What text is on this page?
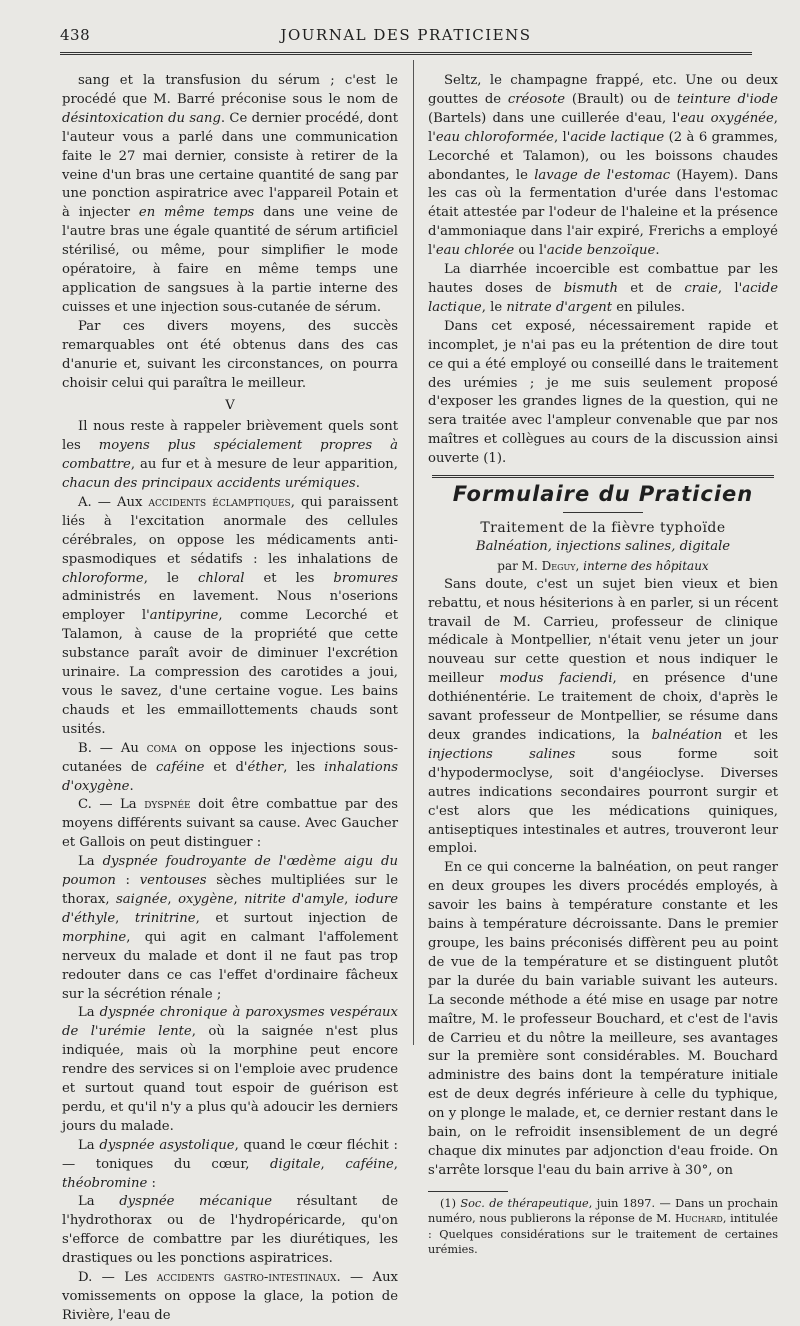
438	JOURNAL DES PRATICIENS

sang et la transfusion du sérum ; c'est le procédé que M. Barré préconise sous le nom de désintoxication du sang. Ce dernier procédé, dont l'auteur vous a parlé dans une communication faite le 27 mai dernier, consiste à retirer de la veine d'un bras une certaine quantité de sang par une ponction aspiratrice avec l'appareil Potain et à injecter en même temps dans une veine de l'autre bras une égale quantité de sérum artificiel stérilisé, ou même, pour simplifier le mode opératoire, à faire en même temps une application de sangsues à la partie interne des cuisses et une injection sous-cutanée de sérum.

Par ces divers moyens, des succès remarquables ont été obtenus dans des cas d'anurie et, suivant les circonstances, on pourra choisir celui qui paraîtra le meilleur.

V

Il nous reste à rappeler brièvement quels sont les moyens plus spécialement propres à combattre, au fur et à mesure de leur apparition, chacun des principaux accidents urémiques.

A. — Aux accidents éclamptiques, qui paraissent liés à l'excitation anormale des cellules cérébrales, on oppose les médicaments anti-spasmodiques et sédatifs : les inhalations de chloroforme, le chloral et les bromures administrés en lavement. Nous n'oserions employer l'antipyrine, comme Lecorché et Talamon, à cause de la propriété que cette substance paraît avoir de diminuer l'excrétion urinaire. La compression des carotides a joui, vous le savez, d'une certaine vogue. Les bains chauds et les emmaillottements chauds sont usités.

B. — Au coma on oppose les injections sous-cutanées de caféine et d'éther, les inhalations d'oxygène.

C. — La dyspnée doit être combattue par des moyens différents suivant sa cause. Avec Gaucher et Gallois on peut distinguer :

La dyspnée foudroyante de l'œdème aigu du poumon : ventouses sèches multipliées sur le thorax, saignée, oxygène, nitrite d'amyle, iodure d'éthyle, trinitrine, et surtout injection de morphine, qui agit en calmant l'affolement nerveux du malade et dont il ne faut pas trop redouter dans ce cas l'effet d'ordinaire fâcheux sur la sécrétion rénale ;

La dyspnée chronique à paroxysmes vespéraux de l'urémie lente, où la saignée n'est plus indiquée, mais où la morphine peut encore rendre des services si on l'emploie avec prudence et surtout quand tout espoir de guérison est perdu, et qu'il n'y a plus qu'à adoucir les derniers jours du malade.

La dyspnée asystolique, quand le cœur fléchit : — toniques du cœur, digitale, caféine, théobromine :

La dyspnée mécanique résultant de l'hydrothorax ou de l'hydropéricarde, qu'on s'efforce de combattre par les diurétiques, les drastiques ou les ponctions aspiratrices.

D. — Les accidents gastro-intestinaux. — Aux vomissements on oppose la glace, la potion de Rivière, l'eau de

Seltz, le champagne frappé, etc. Une ou deux gouttes de créosote (Brault) ou de teinture d'iode (Bartels) dans une cuillerée d'eau, l'eau oxygénée, l'eau chloroformée, l'acide lactique (2 à 6 grammes, Lecorché et Talamon), ou les boissons chaudes abondantes, le lavage de l'estomac (Hayem). Dans les cas où la fermentation d'urée dans l'estomac était attestée par l'odeur de l'haleine et la présence d'ammoniaque dans l'air expiré, Frerichs a employé l'eau chlorée ou l'acide benzoïque.

La diarrhée incoercible est combattue par les hautes doses de bismuth et de craie, l'acide lactique, le nitrate d'argent en pilules.

Dans cet exposé, nécessairement rapide et incomplet, je n'ai pas eu la prétention de dire tout ce qui a été employé ou conseillé dans le traitement des urémies ; je me suis seulement proposé d'exposer les grandes lignes de la question, qui ne sera traitée avec l'ampleur convenable que par nos maîtres et collègues au cours de la discussion ainsi ouverte (1).

Formulaire du Praticien

Traitement de la fièvre typhoïde

Balnéation, injections salines, digitale

par M. Deguy, interne des hôpitaux

Sans doute, c'est un sujet bien vieux et bien rebattu, et nous hésiterions à en parler, si un récent travail de M. Carrieu, professeur de clinique médicale à Montpellier, n'était venu jeter un jour nouveau sur cette question et nous indiquer le meilleur modus faciendi, en présence d'une dothiénentérie. Le traitement de choix, d'après le savant professeur de Montpellier, se résume dans deux grandes indications, la balnéation et les injections salines sous forme soit d'hypodermoclyse, soit d'angéioclyse. Diverses autres indications secondaires pourront surgir et c'est alors que les médications quiniques, antiseptiques intestinales et autres, trouveront leur emploi.

En ce qui concerne la balnéation, on peut ranger en deux groupes les divers procédés employés, à savoir les bains à température constante et les bains à température décroissante. Dans le premier groupe, les bains préconisés diffèrent peu au point de vue de la température et se distinguent plutôt par la durée du bain variable suivant les auteurs. La seconde méthode a été mise en usage par notre maître, M. le professeur Bouchard, et c'est de l'avis de Carrieu et du nôtre la meilleure, ses avantages sur la première sont considérables. M. Bouchard administre des bains dont la température initiale est de deux degrés inférieure à celle du typhique, on y plonge le malade, et, ce dernier restant dans le bain, on le refroidit insensiblement de un degré chaque dix minutes par adjonction d'eau froide. On s'arrête lorsque l'eau du bain arrive à 30°, on

(1) Soc. de thérapeutique, juin 1897. — Dans un prochain numéro, nous publierons la réponse de M. Huchard, intitulée : Quelques considérations sur le traitement de certaines urémies.
